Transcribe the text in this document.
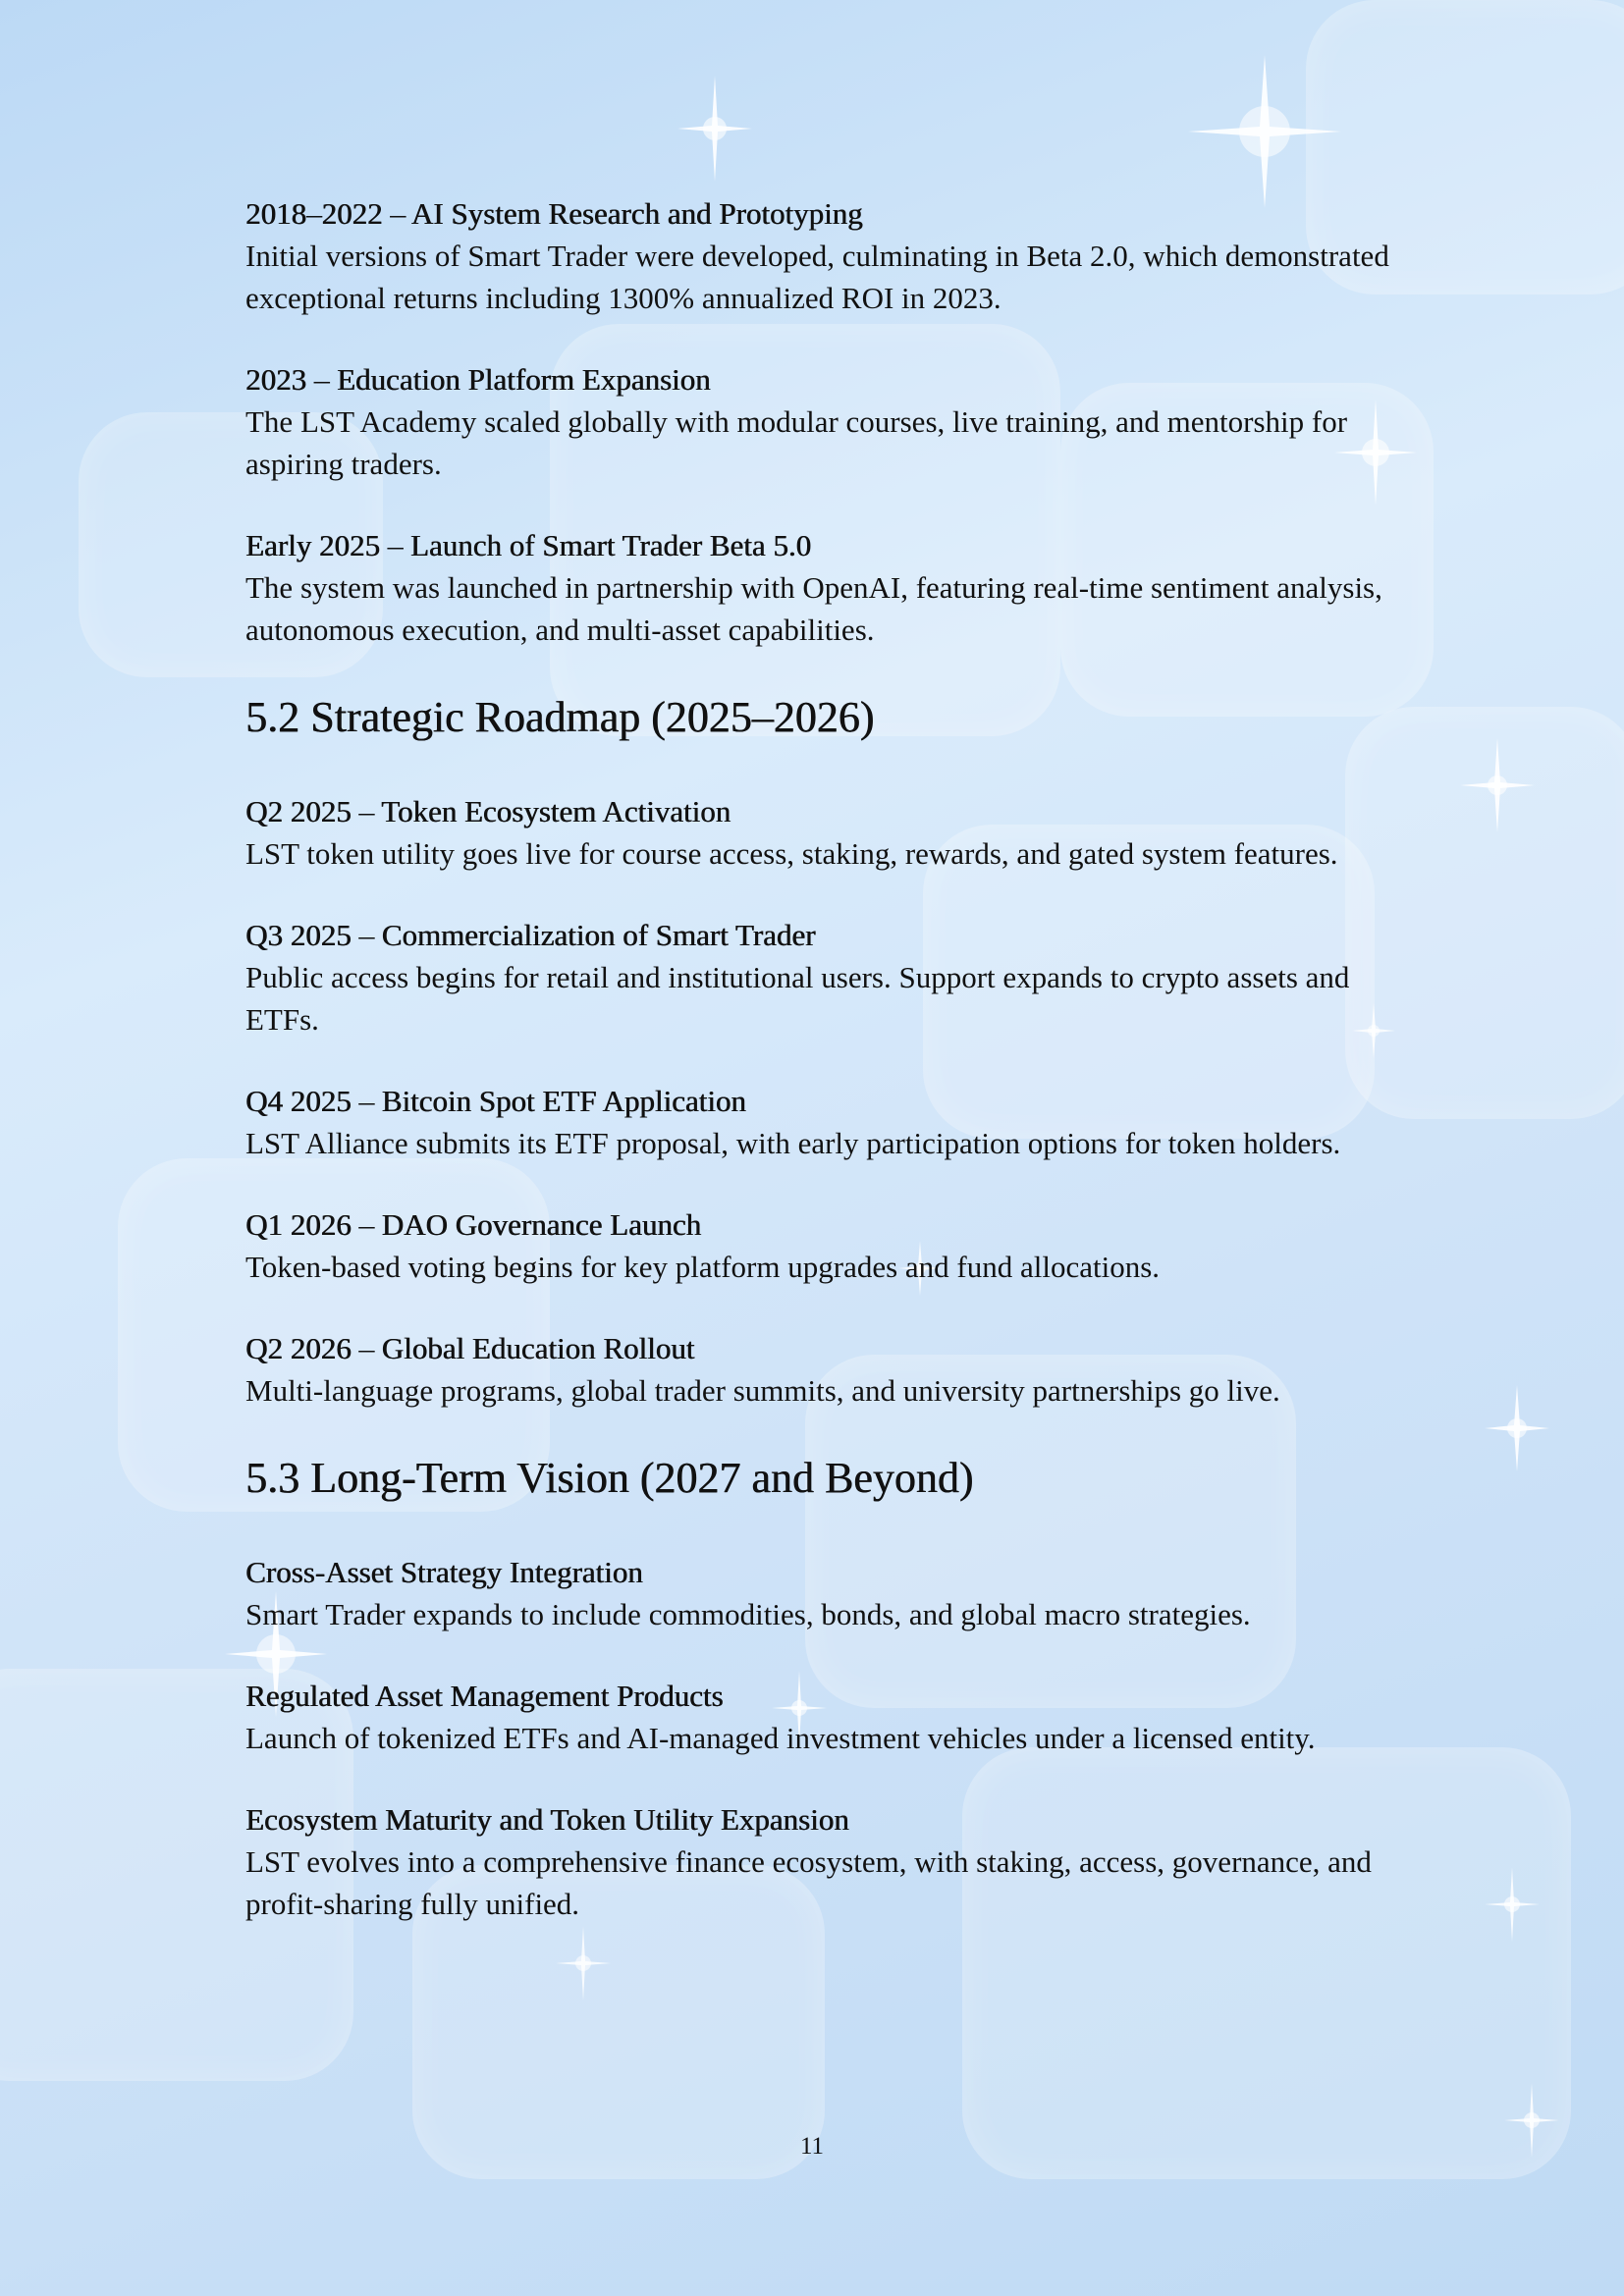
2018–2022 – AI System Research and Prototyping

Initial versions of Smart Trader were developed, culminating in Beta 2.0, which demonstrated exceptional returns including 1300% annualized ROI in 2023.

2023 – Education Platform Expansion

The LST Academy scaled globally with modular courses, live training, and mentorship for aspiring traders.

Early 2025 – Launch of Smart Trader Beta 5.0

The system was launched in partnership with OpenAI, featuring real-time sentiment analysis, autonomous execution, and multi-asset capabilities.

5.2 Strategic Roadmap (2025–2026)

Q2 2025 – Token Ecosystem Activation

LST token utility goes live for course access, staking, rewards, and gated system features.

Q3 2025 – Commercialization of Smart Trader

Public access begins for retail and institutional users. Support expands to crypto assets and ETFs.

Q4 2025 – Bitcoin Spot ETF Application

LST Alliance submits its ETF proposal, with early participation options for token holders.

Q1 2026 – DAO Governance Launch

Token-based voting begins for key platform upgrades and fund allocations.

Q2 2026 – Global Education Rollout

Multi-language programs, global trader summits, and university partnerships go live.

5.3 Long-Term Vision (2027 and Beyond)

Cross-Asset Strategy Integration

Smart Trader expands to include commodities, bonds, and global macro strategies.

Regulated Asset Management Products

Launch of tokenized ETFs and AI-managed investment vehicles under a licensed entity.

Ecosystem Maturity and Token Utility Expansion

LST evolves into a comprehensive finance ecosystem, with staking, access, governance, and profit-sharing fully unified.

11
